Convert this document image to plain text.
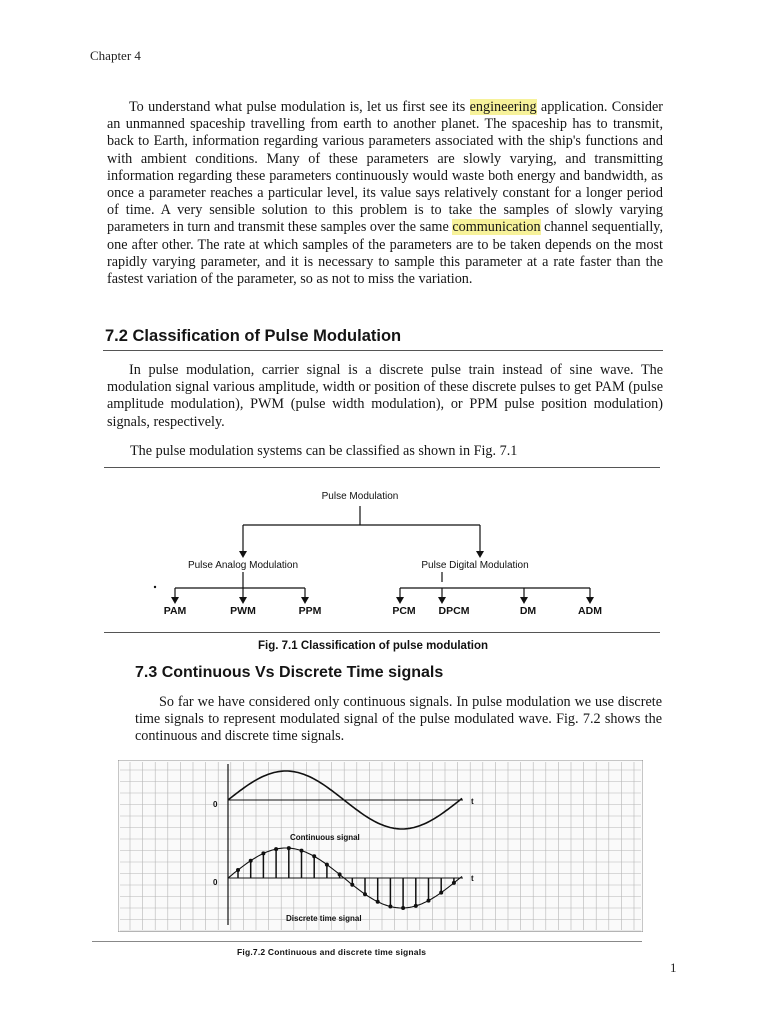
Chapter 4

To understand what pulse modulation is, let us first see its engineering application. Consider an unmanned spaceship travelling from earth to another planet. The spaceship has to transmit, back to Earth, information regarding various parameters associated with the ship's functions and with ambient conditions. Many of these parameters are slowly varying, and transmitting information regarding these parameters continuously would waste both energy and bandwidth, as once a parameter reaches a particular level, its value says relatively constant for a longer period of time. A very sensible solution to this problem is to take the samples of slowly varying parameters in turn and transmit these samples over the same communication channel sequentially, one after other. The rate at which samples of the parameters are to be taken depends on the most rapidly varying parameter, and it is necessary to sample this parameter at a rate faster than the fastest variation of the parameter, so as not to miss the variation.

7.2 Classification of Pulse Modulation

In pulse modulation, carrier signal is a discrete pulse train instead of sine wave. The modulation signal various amplitude, width or position of these discrete pulses to get PAM (pulse amplitude modulation), PWM (pulse width modulation), or PPM pulse position modulation) signals, respectively.

The pulse modulation systems can be classified as shown in Fig. 7.1

Pulse Modulation
Pulse Analog Modulation	Pulse Digital Modulation
PAM	PWM	PPM	PCM DPCM	DM	ADM
Fig. 7.1 Classification of pulse modulation
7.3 Continuous Vs Discrete Time signals

So far we have considered only continuous signals. In pulse modulation we use discrete time signals to represent modulated signal of the pulse modulated wave. Fig. 7.2 shows the continuous and discrete time signals.

0
0
t
t
Continuous signal
Discrete time signal
Fig.7.2 Continuous and discrete time signals
1
